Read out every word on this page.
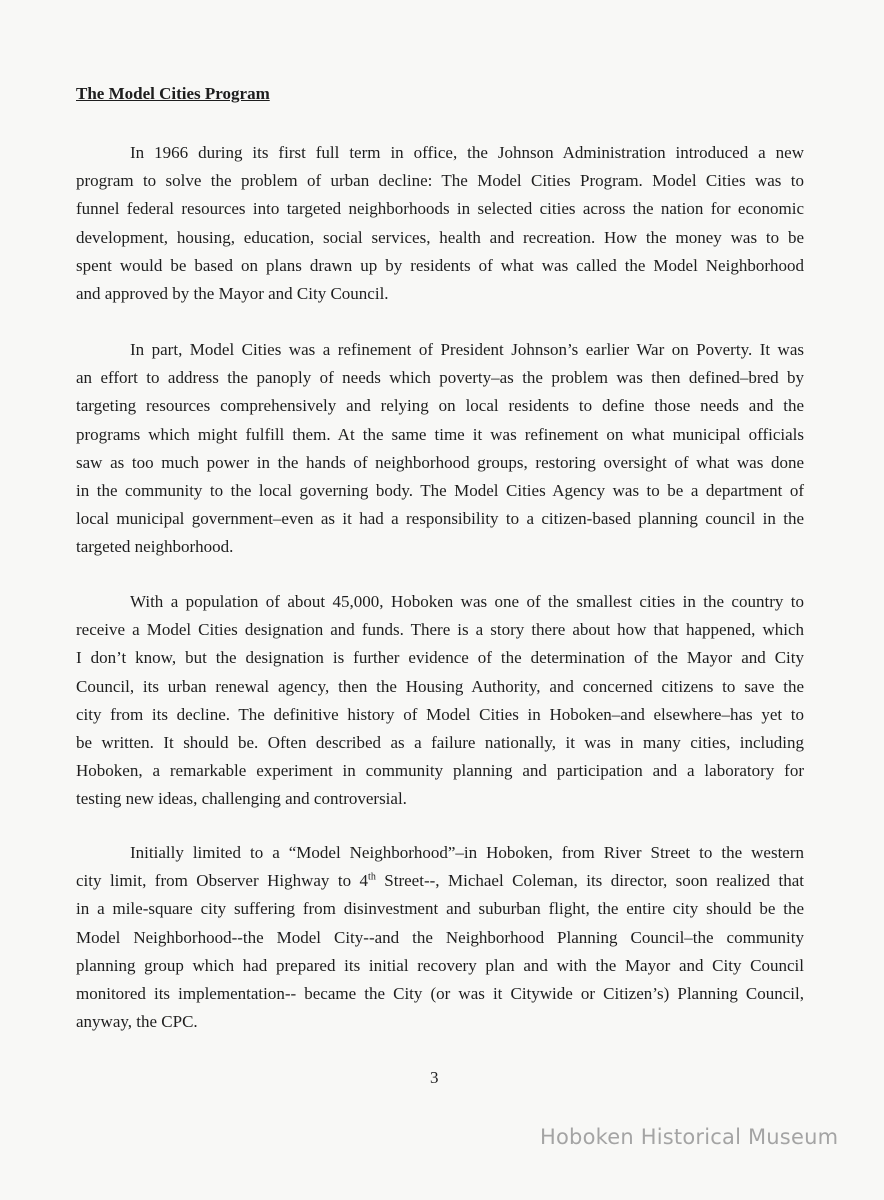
The Model Cities Program
In 1966 during its first full term in office, the Johnson Administration introduced a new
program to solve the problem of urban decline: The Model Cities Program. Model Cities was to
funnel federal resources into targeted neighborhoods in selected cities across the nation for economic
development, housing, education, social services, health and recreation. How the money was to be
spent would be based on plans drawn up by residents of what was called the Model Neighborhood
and approved by the Mayor and City Council.
In part, Model Cities was a refinement of President Johnson’s earlier War on Poverty. It was
an effort to address the panoply of needs which poverty–as the problem was then defined–bred by
targeting resources comprehensively and relying on local residents to define those needs and the
programs which might fulfill them. At the same time it was refinement on what municipal officials
saw as too much power in the hands of neighborhood groups, restoring oversight of what was done
in the community to the local governing body. The Model Cities Agency was to be a department of
local municipal government–even as it had a responsibility to a citizen-based planning council in the
targeted neighborhood.
With a population of about 45,000, Hoboken was one of the smallest cities in the country to
receive a Model Cities designation and funds. There is a story there about how that happened, which
I don’t know, but the designation is further evidence of the determination of the Mayor and City
Council, its urban renewal agency, then the Housing Authority, and concerned citizens to save the
city from its decline. The definitive history of Model Cities in Hoboken–and elsewhere–has yet to
be written. It should be. Often described as a failure nationally, it was in many cities, including
Hoboken, a remarkable experiment in community planning and participation and a laboratory for
testing new ideas, challenging and controversial.
Initially limited to a “Model Neighborhood”–in Hoboken, from River Street to the western
city limit, from Observer Highway to 4th Street--, Michael Coleman, its director, soon realized that
in a mile-square city suffering from disinvestment and suburban flight, the entire city should be the
Model Neighborhood--the Model City--and the Neighborhood Planning Council–the community
planning group which had prepared its initial recovery plan and with the Mayor and City Council
monitored its implementation-- became the City (or was it Citywide or Citizen’s) Planning Council,
anyway, the CPC.
3
Hoboken Historical Museum
